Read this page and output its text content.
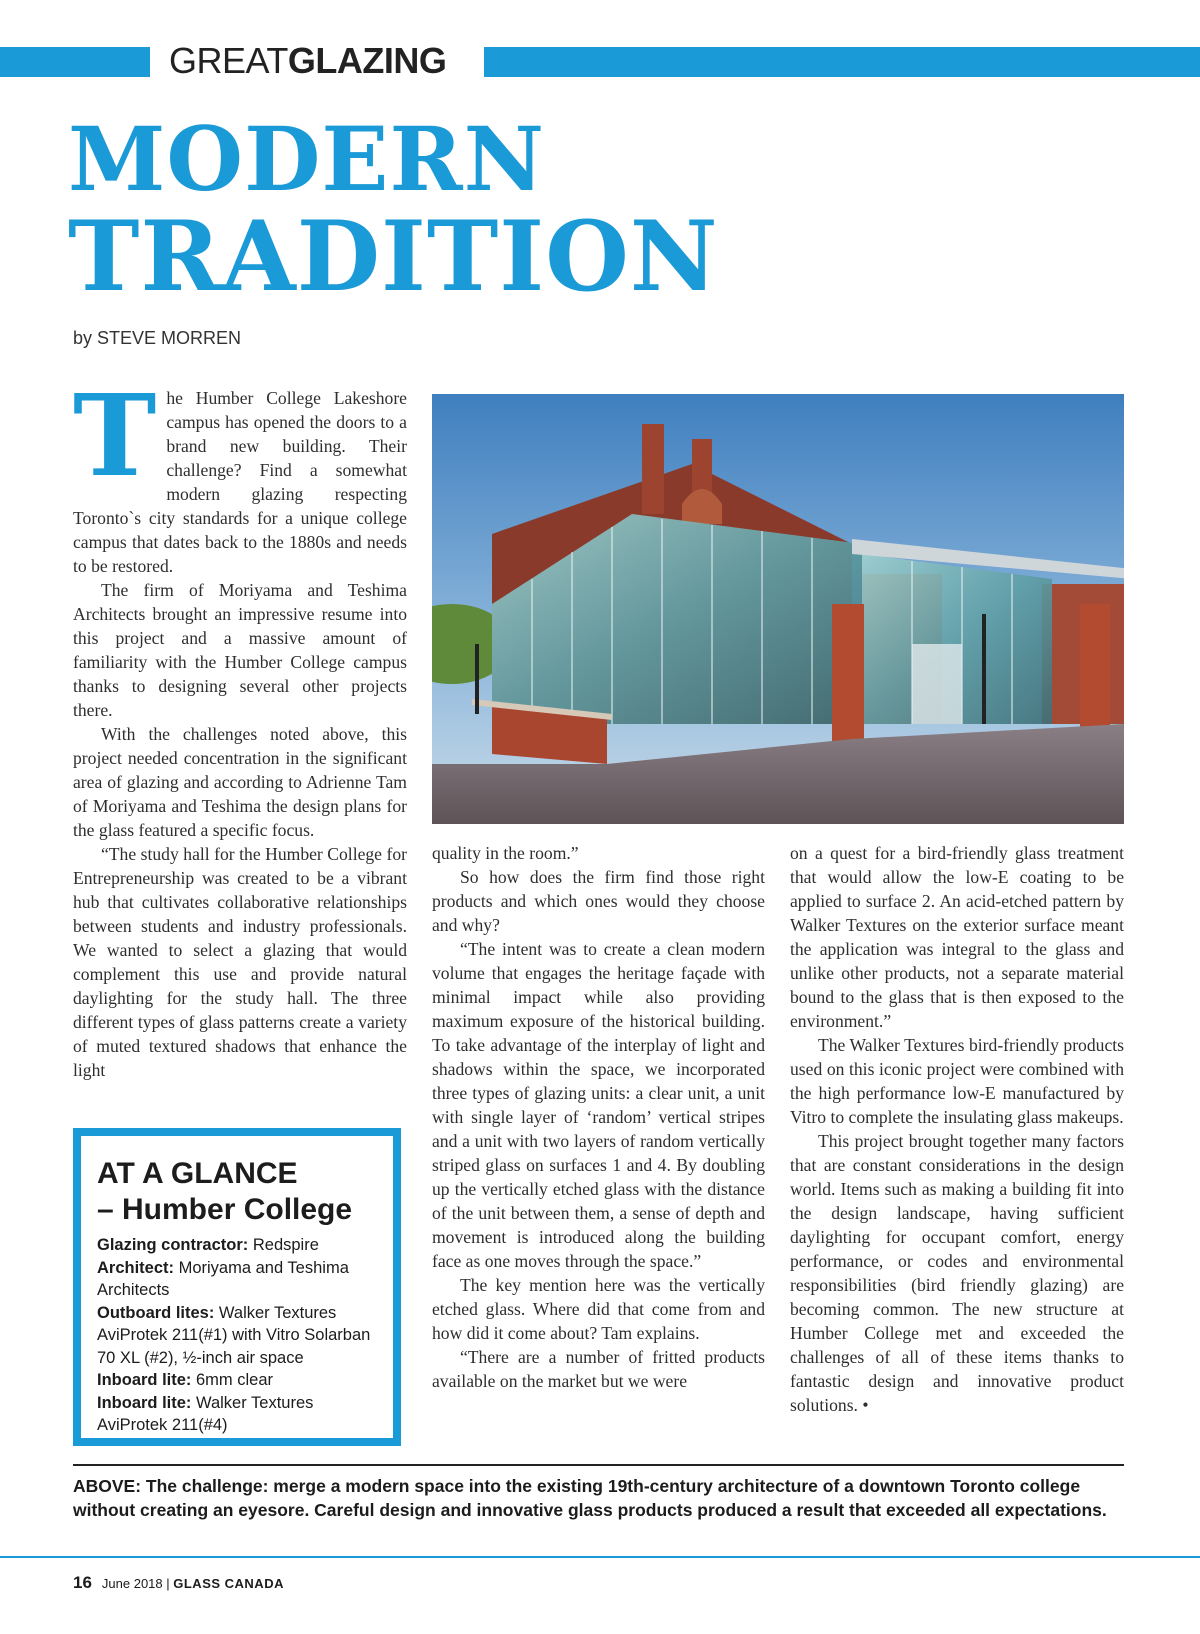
GREATGLAZING
MODERN
TRADITION
by STEVE MORREN

The Humber College Lakeshore campus has opened the doors to a brand new building. Their challenge? Find a somewhat modern glazing respecting Toronto`s city standards for a unique college campus that dates back to the 1880s and needs to be restored.

The firm of Moriyama and Teshima Architects brought an impressive resume into this project and a massive amount of familiarity with the Humber College campus thanks to designing several other projects there.

With the challenges noted above, this project needed concentration in the significant area of glazing and according to Adrienne Tam of Moriyama and Teshima the design plans for the glass featured a specific focus.

“The study hall for the Humber College for Entrepreneurship was created to be a vibrant hub that cultivates collaborative relationships between students and industry professionals. We wanted to select a glazing that would complement this use and provide natural daylighting for the study hall. The three different types of glass patterns create a variety of muted textured shadows that enhance the light

quality in the room.”

So how does the firm find those right products and which ones would they choose and why?

“The intent was to create a clean modern volume that engages the heritage façade with minimal impact while also providing maximum exposure of the historical building. To take advantage of the interplay of light and shadows within the space, we incorporated three types of glazing units: a clear unit, a unit with single layer of ‘random’ vertical stripes and a unit with two layers of random vertically striped glass on surfaces 1 and 4. By doubling up the vertically etched glass with the distance of the unit between them, a sense of depth and movement is introduced along the building face as one moves through the space.”

The key mention here was the vertically etched glass. Where did that come from and how did it come about? Tam explains.

“There are a number of fritted products available on the market but we were

on a quest for a bird-friendly glass treatment that would allow the low-E coating to be applied to surface 2. An acid-etched pattern by Walker Textures on the exterior surface meant the application was integral to the glass and unlike other products, not a separate material bound to the glass that is then exposed to the environment.”

The Walker Textures bird-friendly products used on this iconic project were combined with the high performance low-E manufactured by Vitro to complete the insulating glass makeups.

This project brought together many factors that are constant considerations in the design world. Items such as making a building fit into the design landscape, having sufficient daylighting for occupant comfort, energy performance, or codes and environmental responsibilities (bird friendly glazing) are becoming common. The new structure at Humber College met and exceeded the challenges of all of these items thanks to fantastic design and innovative product solutions. •

AT A GLANCE
– Humber College
Glazing contractor: Redspire
Architect: Moriyama and Teshima Architects
Outboard lites: Walker Textures AviProtek 211(#1) with Vitro Solarban 70 XL (#2), ½-inch air space
Inboard lite: 6mm clear
Inboard lite: Walker Textures AviProtek 211(#4)
ABOVE: The challenge: merge a modern space into the existing 19th-century architecture of a downtown Toronto college without creating an eyesore. Careful design and innovative glass products produced a result that exceeded all expectations.
16 June 2018 | GLASS CANADA
